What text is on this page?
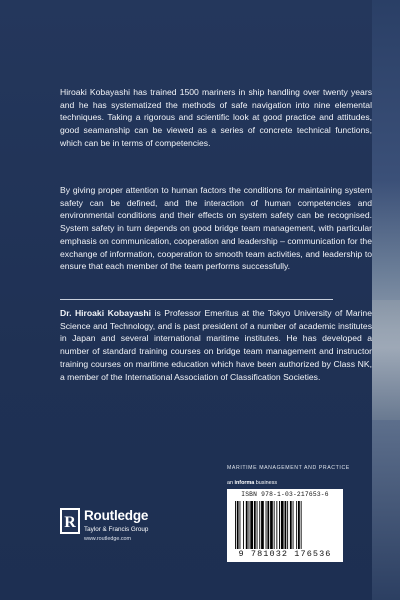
Hiroaki Kobayashi has trained 1500 mariners in ship handling over twenty years and he has systematized the methods of safe navigation into nine elemental techniques. Taking a rigorous and scientific look at good practice and attitudes, good seamanship can be viewed as a series of concrete technical functions, which can be in terms of competencies.

By giving proper attention to human factors the conditions for maintaining system safety can be defined, and the interaction of human competencies and environmental conditions and their effects on system safety can be recognised. System safety in turn depends on good bridge team management, with particular emphasis on communication, cooperation and leadership – communication for the exchange of information, cooperation to smooth team activities, and leadership to ensure that each member of the team performs successfully.

Dr. Hiroaki Kobayashi is Professor Emeritus at the Tokyo University of Marine Science and Technology, and is past president of a number of academic institutes in Japan and several international maritime institutes. He has developed a number of standard training courses on bridge team management and instructor training courses on maritime education which have been authorized by Class NK, a member of the International Association of Classification Societies.

MARITIME MANAGEMENT AND PRACTICE
an informa business
ISBN 978-1-03-217653-6
9 781032 176536
R Routledge
Taylor & Francis Group
www.routledge.com
